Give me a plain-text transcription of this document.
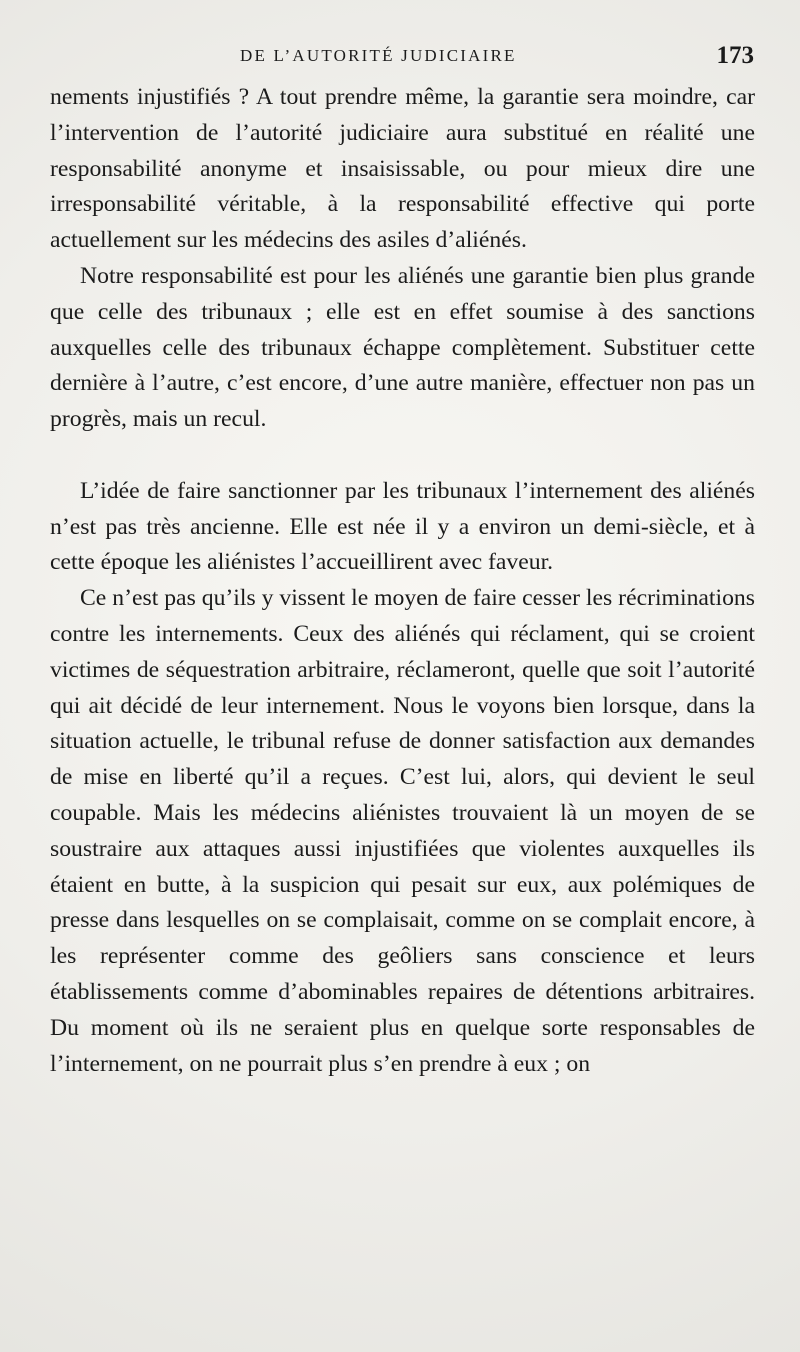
DE L’AUTORITÉ JUDICIAIRE	173

nements injustifiés ? A tout prendre même, la garantie sera moindre, car l’intervention de l’autorité judiciaire aura substitué en réalité une responsabilité anonyme et insaisissable, ou pour mieux dire une irresponsabilité véritable, à la responsabilité effective qui porte actuellement sur les médecins des asiles d’aliénés.

Notre responsabilité est pour les aliénés une garantie bien plus grande que celle des tribunaux ; elle est en effet soumise à des sanctions auxquelles celle des tribunaux échappe complètement. Substituer cette dernière à l’autre, c’est encore, d’une autre manière, effectuer non pas un progrès, mais un recul.

L’idée de faire sanctionner par les tribunaux l’internement des aliénés n’est pas très ancienne. Elle est née il y a environ un demi-siècle, et à cette époque les aliénistes l’accueillirent avec faveur.

Ce n’est pas qu’ils y vissent le moyen de faire cesser les récriminations contre les internements. Ceux des aliénés qui réclament, qui se croient victimes de séquestration arbitraire, réclameront, quelle que soit l’autorité qui ait décidé de leur internement. Nous le voyons bien lorsque, dans la situation actuelle, le tribunal refuse de donner satisfaction aux demandes de mise en liberté qu’il a reçues. C’est lui, alors, qui devient le seul coupable. Mais les médecins aliénistes trouvaient là un moyen de se soustraire aux attaques aussi injustifiées que violentes auxquelles ils étaient en butte, à la suspicion qui pesait sur eux, aux polémiques de presse dans lesquelles on se complaisait, comme on se complait encore, à les représenter comme des geôliers sans conscience et leurs établissements comme d’abominables repaires de détentions arbitraires. Du moment où ils ne seraient plus en quelque sorte responsables de l’internement, on ne pourrait plus s’en prendre à eux ; on
